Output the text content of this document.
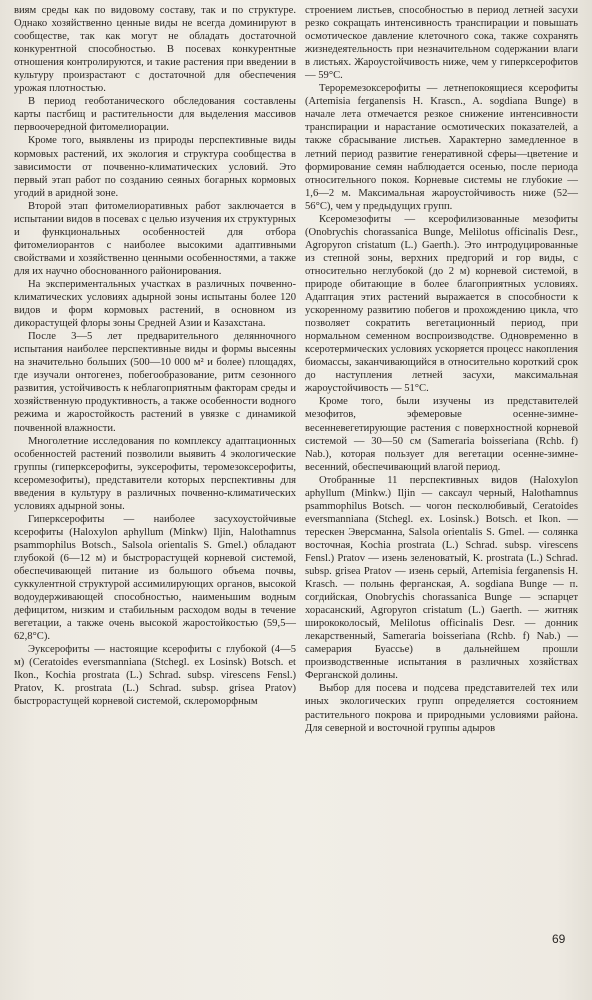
виям среды как по видовому составу, так и по структуре. Однако хозяйственно ценные виды не всегда доминируют в сообществе, так как могут не обладать достаточной конкурентной способностью. В посевах конкурентные отношения контролируются, и такие растения при введении в культуру произрастают с достаточной для обеспечения урожая плотностью.

В период геоботанического обследования составлены карты пастбищ и растительности для выделения массивов первоочередной фитомелиорации.

Кроме того, выявлены из природы перспективные виды кормовых растений, их экология и структура сообщества в зависимости от почвенно-климатических условий. Это первый этап работ по созданию сеяных богарных кормовых угодий в аридной зоне.

Второй этап фитомелиоративных работ заключается в испытании видов в посевах с целью изучения их структурных и функциональных особенностей для отбора фитомелиорантов с наиболее высокими адаптивными свойствами и хозяйственно ценными особенностями, а также для их научно обоснованного районирования.

На экспериментальных участках в различных почвенно-климатических условиях адырной зоны испытаны более 120 видов и форм кормовых растений, в основном из дикорастущей флоры зоны Средней Азии и Казахстана.

После 3—5 лет предварительного делянночного испытания наиболее перспективные виды и формы высеяны на значительно больших (500—10 000 м² и более) площадях, где изучали онтогенез, побегообразование, ритм сезонного развития, устойчивость к неблагоприятным факторам среды и хозяйственную продуктивность, а также особенности водного режима и жаростойкость растений в увязке с динамикой почвенной влажности.

Многолетние исследования по комплексу адаптационных особенностей растений позволили выявить 4 экологические группы (гиперксерофиты, эуксерофиты, теромезоксерофиты, ксеромезофиты), представители которых перспективны для введения в культуру в различных почвенно-климатических условиях адырной зоны.

Гиперксерофиты — наиболее засухоустойчивые ксерофиты (Haloxylon aphyllum (Minkw) Iljin, Halothamnus psammophilus Botsch., Salsola orientalis S. Gmel.) обладают глубокой (6—12 м) и быстрорастущей корневой системой, обеспечивающей питание из большого объема почвы, суккулентной структурой ассимилирующих органов, высокой водоудерживающей способностью, наименьшим водным дефицитом, низким и стабильным расходом воды в течение вегетации, а также очень высокой жаростойкостью (59,5—62,8°С).

Эуксерофиты — настоящие ксерофиты с глубокой (4—5 м) (Ceratoides eversmanniana (Stchegl. ex Losinsk) Botsch. et Ikon., Kochia prostrata (L.) Schrad. subsp. virescens Fensl.) Pratov, K. prostrata (L.) Schrad. subsp. grisea Pratov) быстрорастущей корневой системой, склероморфным

строением листьев, способностью в период летней засухи резко сокращать интенсивность транспирации и повышать осмотическое давление клеточного сока, также сохранять жизнедеятельность при незначительном содержании влаги в листьях. Жароустойчивость ниже, чем у гиперксерофитов — 59°С.

Тероремезоксерофиты — летнепокоящиеся ксерофиты (Artemisia ferganensis H. Krascn., A. sogdiana Bunge) в начале лета отмечается резкое снижение интенсивности транспирации и нарастание осмотических показателей, а также сбрасывание листьев. Характерно замедленное в летний период развитие генеративной сферы—цветение и формирование семян наблюдается осенью, после периода относительного покоя. Корневые системы не глубокие — 1,6—2 м. Максимальная жароустойчивость ниже (52—56°С), чем у предыдущих групп.

Ксеромезофиты — ксерофилизованные мезофиты (Onobrychis chorassanica Bunge, Melilotus officinalis Desr., Agropyron cristatum (L.) Gaerth.). Это интродуцированные из степной зоны, верхних предгорий и гор виды, с относительно неглубокой (до 2 м) корневой системой, в природе обитающие в более благоприятных условиях. Адаптация этих растений выражается в способности к ускоренному развитию побегов и прохождению цикла, что позволяет сократить вегетационный период, при нормальном семенном воспроизводстве. Одновременно в ксеротермических условиях ускоряется процесс накопления биомассы, заканчивающийся в относительно короткий срок до наступления летней засухи, максимальная жароустойчивость — 51°С.

Кроме того, были изучены из представителей мезофитов, эфемеровые осенне-зимне-весенневегетирующие растения с поверхностной корневой системой — 30—50 см (Sameraria boisseriana (Rchb. f) Nab.), которая пользует для вегетации осенне-зимне-весенний, обеспечивающий влагой период.

Отобранные 11 перспективных видов (Haloxylon aphyllum (Minkw.) Iljin — саксаул черный, Halothamnus psammophilus Botsch. — чогон песколюбивый, Ceratoides eversmanniana (Stchegl. ex. Losinsk.) Botsch. et Ikon. — терескен Эверсманна, Salsola orientalis S. Gmel. — солянка восточная, Kochia prostrata (L.) Schrad. subsp. virescens Fensl.) Pratov — изень зеленоватый, K. prostrata (L.) Schrad. subsp. grisea Pratov — изень серый, Artemisia ferganensis H. Krasch. — полынь ферганская, A. sogdiana Bunge — п. согдийская, Onobrychis chorassanica Bunge — эспарцет хорасанский, Agropyron cristatum (L.) Gaerth. — житняк ширококолосый, Melilotus officinalis Desr. — донник лекарственный, Sameraria boisseriana (Rchb. f) Nab.) — самерария Буассье) в дальнейшем прошли производственные испытания в различных хозяйствах Ферганской долины.

Выбор для посева и подсева представителей тех или иных экологических групп определяется состоянием растительного покрова и природными условиями района. Для северной и восточной группы адыров

69
